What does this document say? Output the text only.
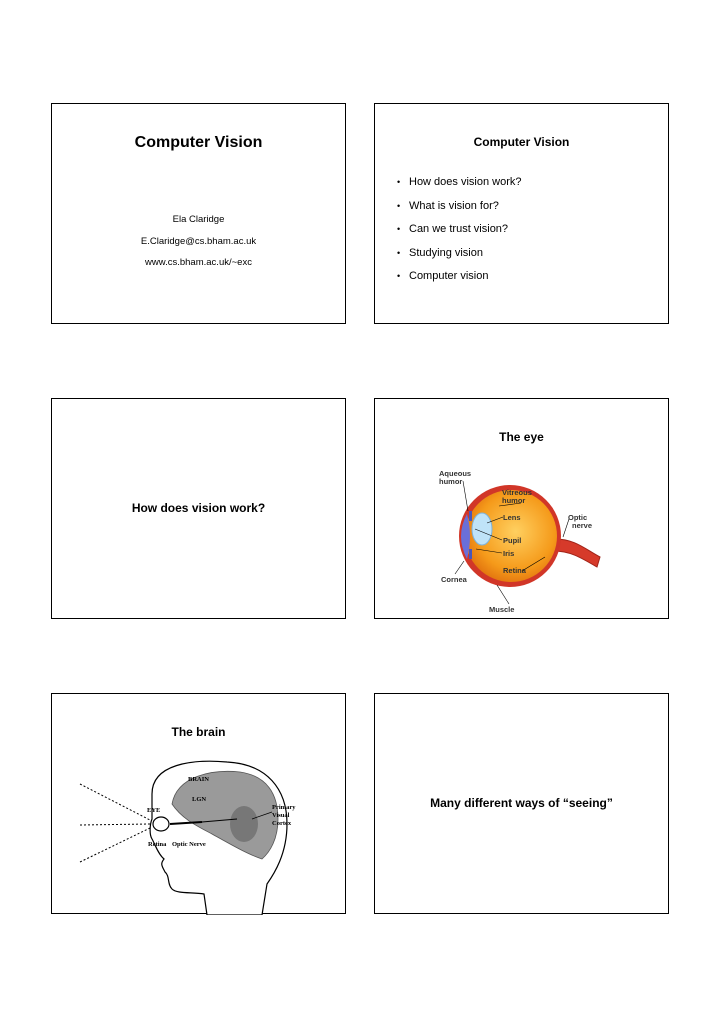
Computer Vision
Ela Claridge
E.Claridge@cs.bham.ac.uk
www.cs.bham.ac.uk/~exc
Computer Vision
• How does vision work?
• What is vision for?
• Can we trust vision?
• Studying vision
• Computer vision
How does vision work?
The eye
Aqueous
humor
Vitreous
humor
Lens	Optic
nerve
Pupil
Iris
Retina
Cornea
Muscle
The brain
BRAIN
LGN
EYE	Primary
Visual
Cortex
Retina Optic Nerve
Many different ways of “seeing”
